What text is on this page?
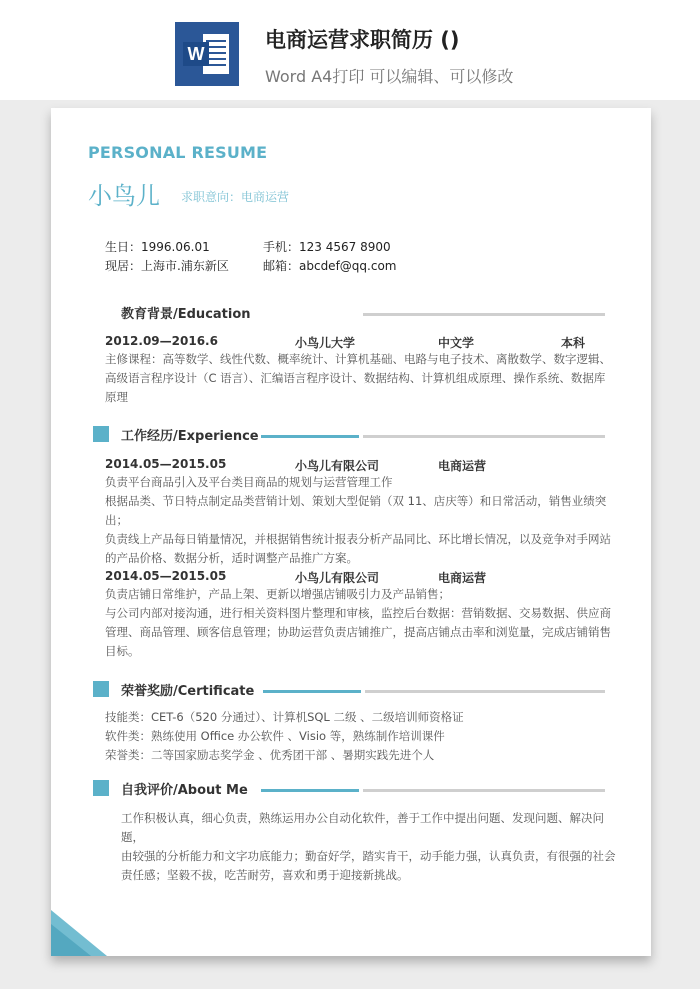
W
电商运营求职简历 ()
Word A4打印 可以编辑、可以修改
PERSONAL RESUME
小鸟儿 求职意向：电商运营
生日：1996.06.01
现居：上海市.浦东新区
手机：123 4567 8900
邮箱：abcdef@qq.com
教育背景/Education
2012.09—2016.6	小鸟儿大学	中文学	本科
主修课程：高等数学、线性代数、概率统计、计算机基础、电路与电子技术、离散数学、数字逻辑、
高级语言程序设计（C 语言）、汇编语言程序设计、数据结构、计算机组成原理、操作系统、数据库
原理
工作经历/Experience
2014.05—2015.05	小鸟儿有限公司	电商运营
负责平台商品引入及平台类目商品的规划与运营管理工作
根据品类、节日特点制定品类营销计划、策划大型促销（双 11、店庆等）和日常活动，销售业绩突
出；
负责线上产品每日销量情况，并根据销售统计报表分析产品同比、环比增长情况，以及竞争对手网站
的产品价格、数据分析，适时调整产品推广方案。
2014.05—2015.05	小鸟儿有限公司	电商运营
负责店铺日常维护，产品上架、更新以增强店铺吸引力及产品销售；
与公司内部对接沟通，进行相关资料图片整理和审核，监控后台数据：营销数据、交易数据、供应商
管理、商品管理、顾客信息管理；协助运营负责店铺推广，提高店铺点击率和浏览量，完成店铺销售
目标。
荣誉奖励/Certificate
技能类：CET-6（520 分通过）、计算机SQL 二级 、二级培训师资格证
软件类：熟练使用 Office 办公软件 、Visio 等，熟练制作培训课件
荣誉类：二等国家励志奖学金 、优秀团干部 、暑期实践先进个人
自我评价/About Me
工作积极认真，细心负责，熟练运用办公自动化软件，善于工作中提出问题、发现问题、解决问题，
由较强的分析能力和文字功底能力；勤奋好学，踏实肯干，动手能力强，认真负责，有很强的社会
责任感；坚毅不拔，吃苦耐劳，喜欢和勇于迎接新挑战。
